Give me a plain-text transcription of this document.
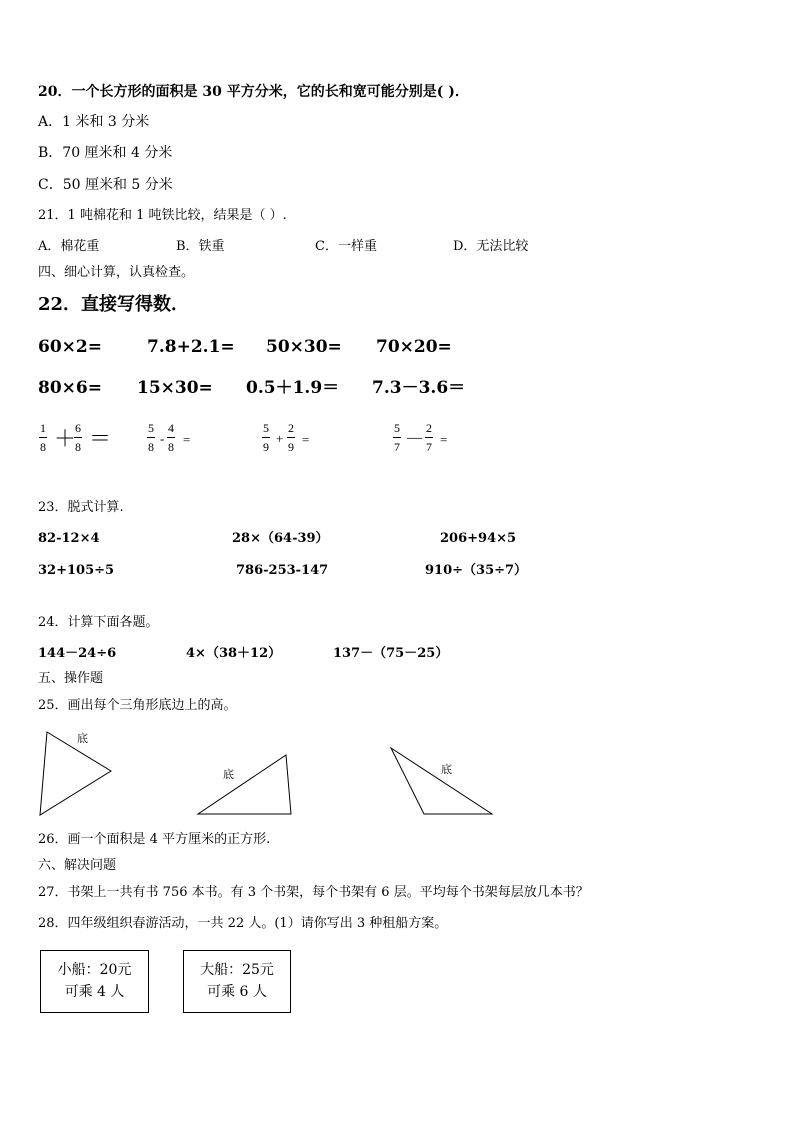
20．一个长方形的面积是 30 平方分米，它的长和宽可能分别是( )．
A．1 米和 3 分米
B．70 厘米和 4 分米
C．50 厘米和 5 分米
21．1 吨棉花和 1 吨铁比较，结果是（ ）.
A．棉花重	B．铁重	C．一样重	D．无法比较
四、细心计算，认真检查。
22．直接写得数．
60×2=	7.8+2.1= 50×30= 70×20=
80×6= 15×30= 0.5＋1.9＝ 7.3－3.6＝
1
8 ＋
6
8 ＝	5
8
-
4
8 =
5
9
+
2
9 =
5
7
—
2
7 =
23．脱式计算.
82-12×4	28×（64-39）	206+94×5
32+105÷5	786-253-147	910÷（35÷7）
24．计算下面各题。
144－24÷6	4×（38＋12）	137－（75－25）
五、操作题
25．画出每个三角形底边上的高。
底
底	底
26．画一个面积是 4 平方厘米的正方形.
六、解决问题
27．书架上一共有书 756 本书。有 3 个书架，每个书架有 6 层。平均每个书架每层放几本书？
28．四年级组织春游活动，一共 22 人。(1）请你写出 3 种租船方案。
小船：20元
可乘 4 人
大船：25元
可乘 6 人
